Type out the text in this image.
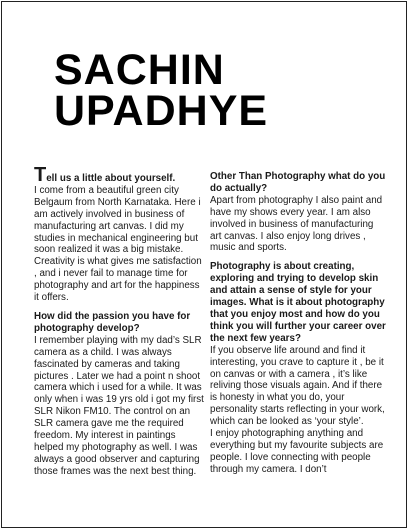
SACHIN
UPADHYE

Tell us a little about yourself.

I come from a beautiful green city Belgaum from North Karnataka. Here i am actively involved in business of manufacturing art canvas. I did my studies in mechanical engineering but soon realized it was a big mistake. Creativity is what gives me satisfaction , and i never fail to manage time for photography and art for the happiness it offers.

How did the passion you have for photography develop?

I remember playing with my dad’s SLR camera as a child. I was always fascinated by cameras and taking pictures . Later we had a point n shoot camera which i used for a while. It was only when i was 19 yrs old i got my first SLR Nikon FM10. The control on an SLR camera gave me the required freedom. My interest in paintings helped my photography as well. I was always a good observer and capturing those frames was the next best thing.

Other Than Photography what do you do actually?

Apart from photography I also paint and have my shows every year. I am also involved in business of manufacturing art canvas. I also enjoy long drives , music and sports.

Photography is about creating, exploring and trying to develop skin and attain a sense of style for your images. What is it about photography that you enjoy most and how do you think you will further your career over the next few years?

If you observe life around and find it interesting, you crave to capture it , be it on canvas or with a camera , it’s like reliving those visuals again. And if there is honesty in what you do, your personality starts reflecting in your work, which can be looked as ‘your style’.

I enjoy photographing anything and everything but my favourite subjects are people. I love connecting with people through my camera. I don’t
